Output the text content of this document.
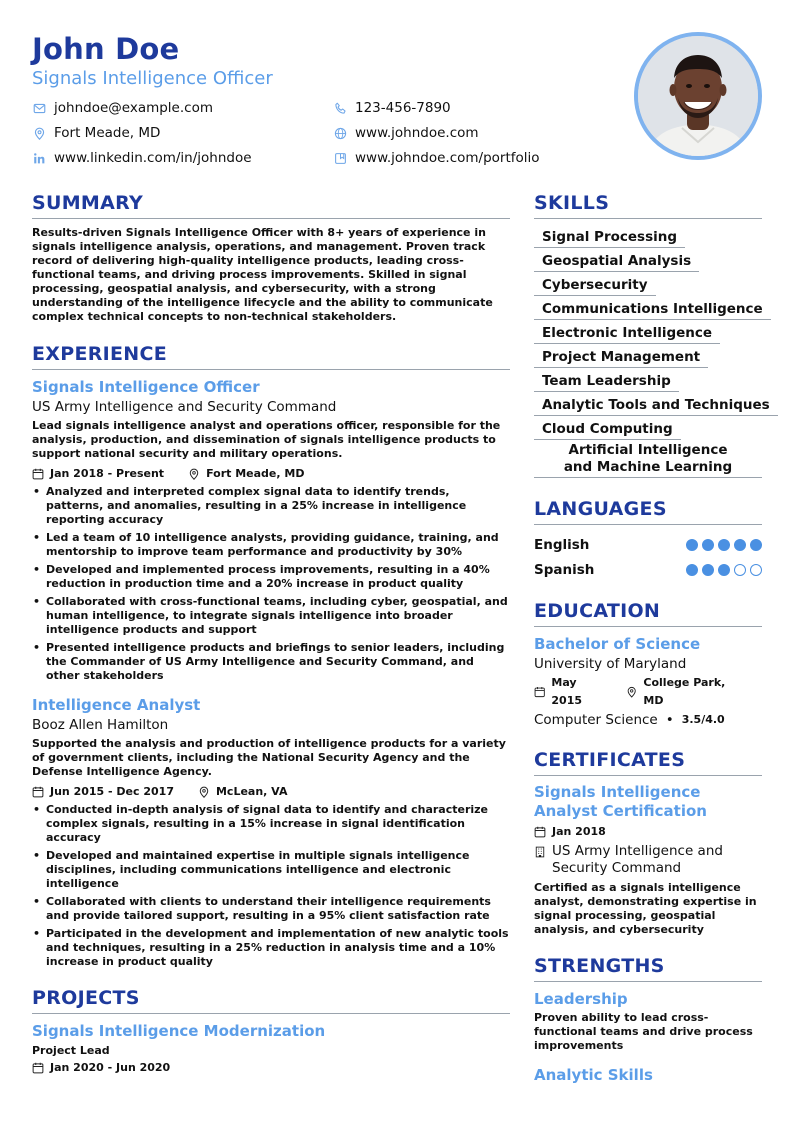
John Doe
Signals Intelligence Officer
johndoe@example.com	123-456-7890
Fort Meade, MD	www.johndoe.com
www.linkedin.com/in/johndoe	www.johndoe.com/portfolio
SUMMARY

Results-driven Signals Intelligence Officer with 8+ years of experience in signals intelligence analysis, operations, and management. Proven track record of delivering high-quality intelligence products, leading cross-functional teams, and driving process improvements. Skilled in signal processing, geospatial analysis, and cybersecurity, with a strong understanding of the intelligence lifecycle and the ability to communicate complex technical concepts to non-technical stakeholders.

EXPERIENCE
Signals Intelligence Officer
US Army Intelligence and Security Command

Lead signals intelligence analyst and operations officer, responsible for the analysis, production, and dissemination of signals intelligence products to support national security and military operations.

Jan 2018 - Present	Fort Meade, MD
• Analyzed and interpreted complex signal data to identify trends, patterns, and anomalies, resulting in a 25% increase in intelligence reporting accuracy
• Led a team of 10 intelligence analysts, providing guidance, training, and mentorship to improve team performance and productivity by 30%
• Developed and implemented process improvements, resulting in a 40% reduction in production time and a 20% increase in product quality
• Collaborated with cross-functional teams, including cyber, geospatial, and human intelligence, to integrate signals intelligence into broader intelligence products and support
• Presented intelligence products and briefings to senior leaders, including the Commander of US Army Intelligence and Security Command, and other stakeholders
Intelligence Analyst
Booz Allen Hamilton

Supported the analysis and production of intelligence products for a variety of government clients, including the National Security Agency and the Defense Intelligence Agency.

Jun 2015 - Dec 2017	McLean, VA
• Conducted in-depth analysis of signal data to identify and characterize complex signals, resulting in a 15% increase in signal identification accuracy
• Developed and maintained expertise in multiple signals intelligence disciplines, including communications intelligence and electronic intelligence
• Collaborated with clients to understand their intelligence requirements and provide tailored support, resulting in a 95% client satisfaction rate
• Participated in the development and implementation of new analytic tools and techniques, resulting in a 25% reduction in analysis time and a 10% increase in product quality
PROJECTS
Signals Intelligence Modernization
Project Lead
Jan 2020 - Jun 2020
SKILLS
Signal Processing
Geospatial Analysis
Cybersecurity
Communications Intelligence
Electronic Intelligence
Project Management
Team Leadership
Analytic Tools and Techniques
Cloud Computing
Artificial Intelligence and Machine Learning
LANGUAGES
English
Spanish
EDUCATION
Bachelor of Science
University of Maryland
May 2015
College Park, MD
Computer Science • 3.5/4.0
CERTIFICATES
Signals Intelligence Analyst Certification
Jan 2018
US Army Intelligence and Security Command

Certified as a signals intelligence analyst, demonstrating expertise in signal processing, geospatial analysis, and cybersecurity

STRENGTHS
Leadership

Proven ability to lead cross-functional teams and drive process improvements

Analytic Skills
